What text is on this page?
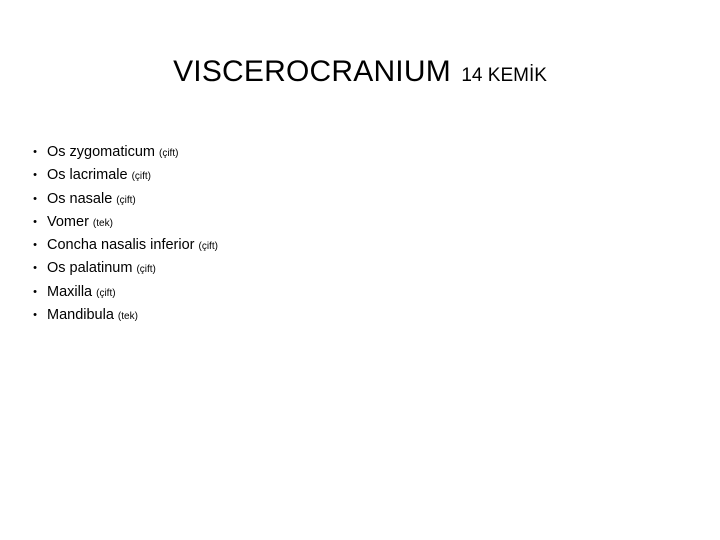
VISCEROCRANIUM 14 KEMİK
• Os zygomaticum (çift)
• Os lacrimale (çift)
• Os nasale (çift)
• Vomer (tek)
• Concha nasalis inferior (çift)
• Os palatinum (çift)
• Maxilla (çift)
• Mandibula (tek)
